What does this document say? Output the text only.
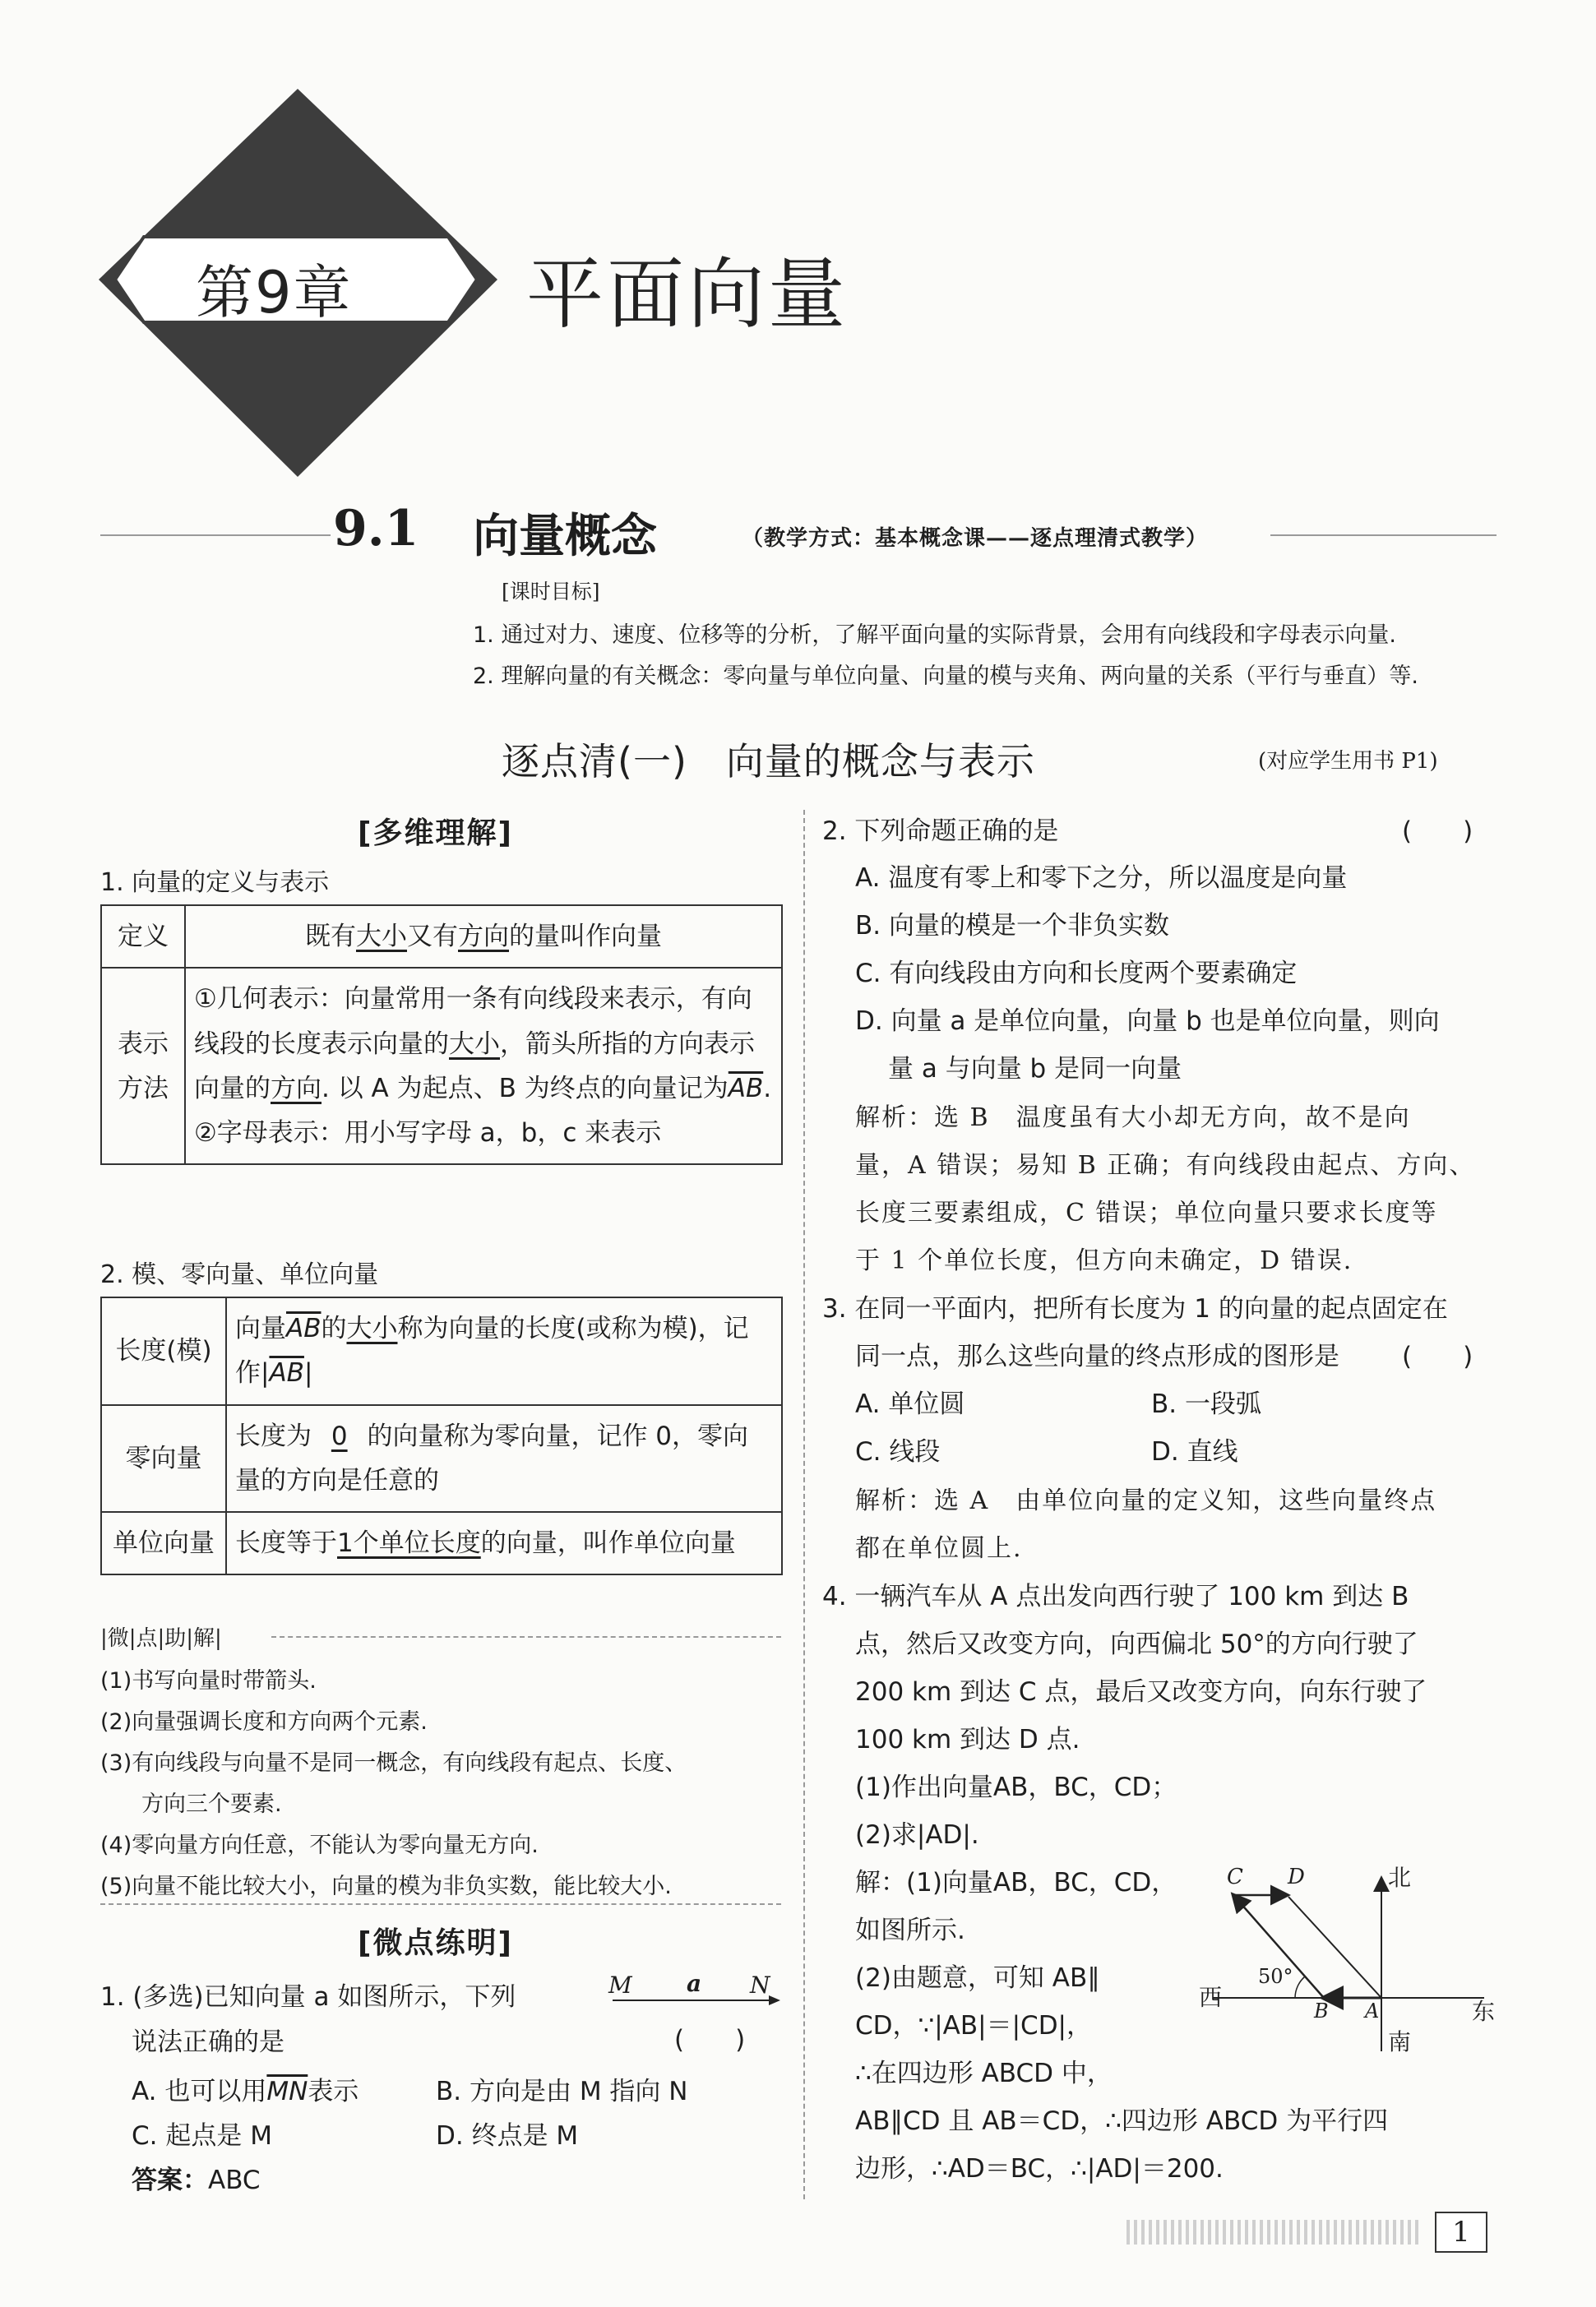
第9章 平面向量
9.1 向量概念	（教学方式：基本概念课——逐点理清式教学）
[课时目标]
1. 通过对力、速度、位移等的分析，了解平面向量的实际背景，会用有向线段和字母表示向量.
2. 理解向量的有关概念：零向量与单位向量、向量的模与夹角、两向量的关系（平行与垂直）等.
逐点清(一)　向量的概念与表示	(对应学生用书 P1)
[多维理解]
1. 向量的定义与表示
定义	既有大小又有方向的量叫作向量
表示方法	①几何表示：向量常用一条有向线段来表示，有向线段的长度表示向量的大小，箭头所指的方向表示向量的方向. 以 A 为起点、B 为终点的向量记为$\overline{AB}$.
②字母表示：用小写字母 a，b，c 来表示
2. 模、零向量、单位向量
长度(模)	向量$\overline{AB}$的大小称为向量的长度(或称为模)，记作$|\overline{AB}|$
零向量	长度为 0 的向量称为零向量，记作 0，零向量的方向是任意的
单位向量	长度等于1个单位长度的向量，叫作单位向量
|微|点|助|解|
(1)书写向量时带箭头.
(2)向量强调长度和方向两个元素.
(3)有向线段与向量不是同一概念，有向线段有起点、长度、
方向三个要素.
(4)零向量方向任意，不能认为零向量无方向.
(5)向量不能比较大小，向量的模为非负实数，能比较大小.
[微点练明]
1. (多选)已知向量 a 如图所示，下列
说法正确的是	(　　)
M a N
A. 也可以用$\overline{MN}$表示	B. 方向是由 M 指向 N
C. 起点是 M	D. 终点是 M
答案：ABC
2. 下列命题正确的是	(　　)
A. 温度有零上和零下之分，所以温度是向量
B. 向量的模是一个非负实数
C. 有向线段由方向和长度两个要素确定
D. 向量 a 是单位向量，向量 b 也是单位向量，则向
量 a 与向量 b 是同一向量
解析：选 B　温度虽有大小却无方向，故不是向
量，A 错误；易知 B 正确；有向线段由起点、方向、
长度三要素组成，C 错误；单位向量只要求长度等
于 1 个单位长度，但方向未确定，D 错误.
3. 在同一平面内，把所有长度为 1 的向量的起点固定在
同一点，那么这些向量的终点形成的图形是 (　　)
A. 单位圆	B. 一段弧
C. 线段	D. 直线
解析：选 A　由单位向量的定义知，这些向量终点
都在单位圆上.
4. 一辆汽车从 A 点出发向西行驶了 100 km 到达 B
点，然后又改变方向，向西偏北 50°的方向行驶了
200 km 到达 C 点，最后又改变方向，向东行驶了
100 km 到达 D 点.
(1)作出向量AB，BC，CD；
(2)求|AD|.
解：(1)向量AB，BC，CD，
如图所示.
(2)由题意，可知 AB∥
CD，∵|AB|＝|CD|，
∴在四边形 ABCD 中，
AB∥CD 且 AB＝CD，∴四边形 ABCD 为平行四
边形，∴AD＝BC，∴|AD|＝200.
北
南
西
东
50°
A
B
C D
1
